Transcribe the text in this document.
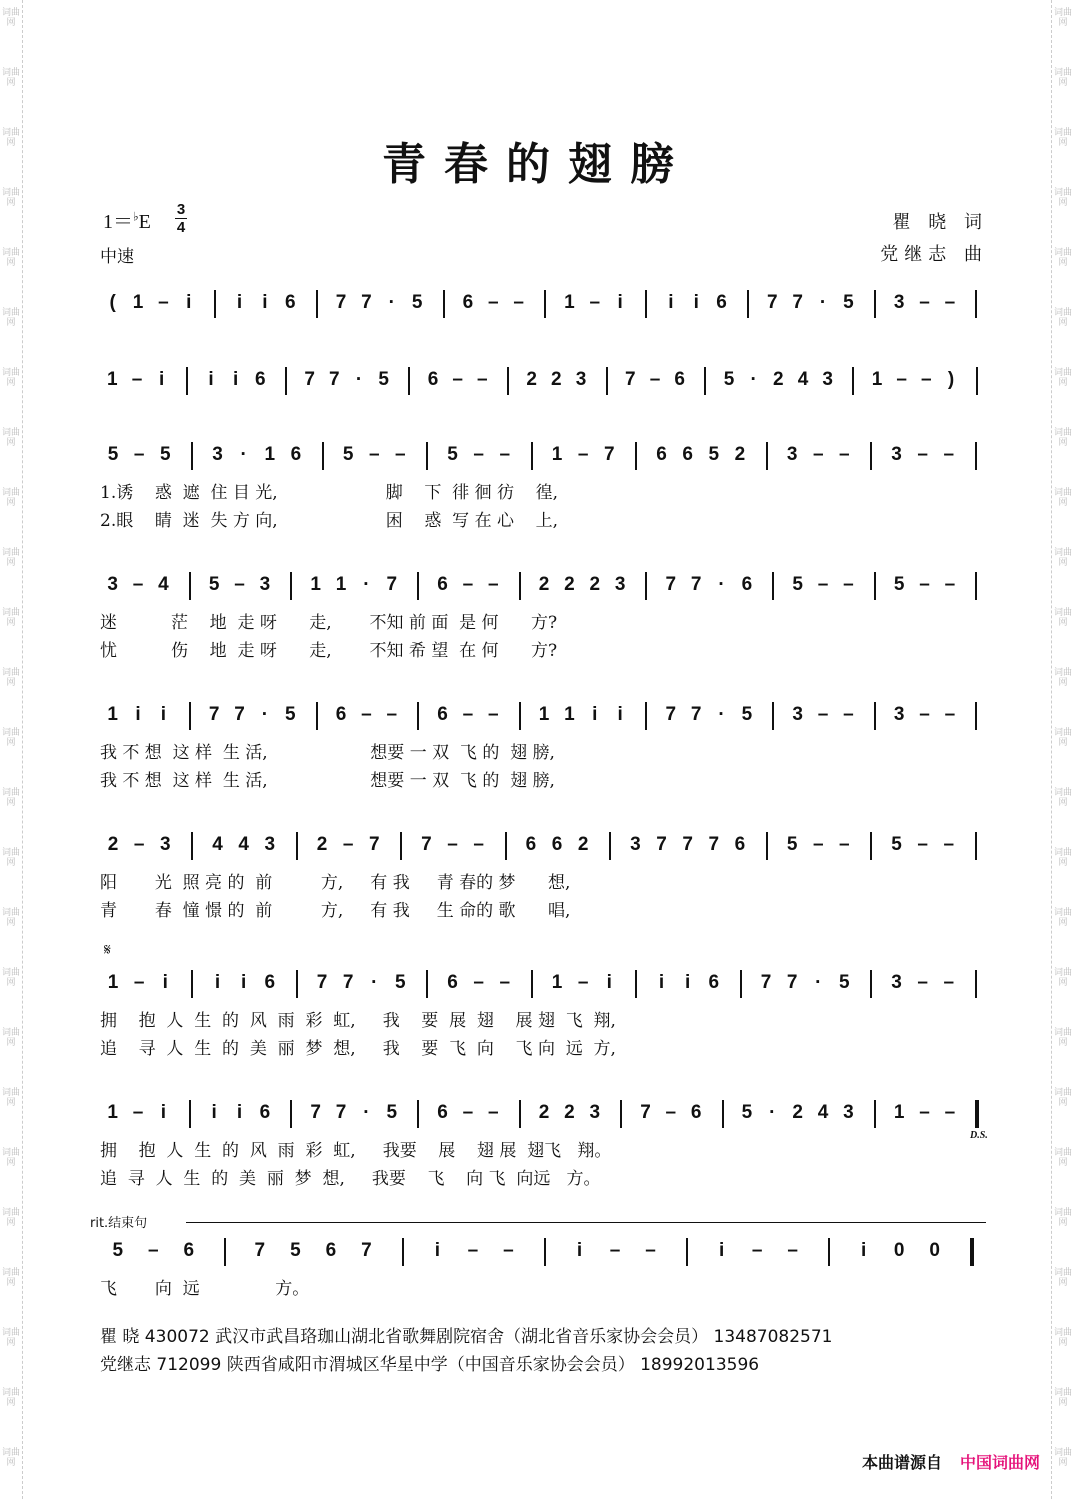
词曲网
词曲网
词曲网
词曲网
词曲网
词曲网
词曲网
词曲网
词曲网
词曲网
词曲网
词曲网
词曲网
词曲网
词曲网
词曲网
词曲网
词曲网
词曲网
词曲网
词曲网
词曲网
词曲网
词曲网
词曲网
词曲网
词曲网
词曲网
词曲网
词曲网
词曲网
词曲网
词曲网
词曲网
词曲网
词曲网
词曲网
词曲网
词曲网
词曲网
词曲网
词曲网
词曲网
词曲网
词曲网
词曲网
词曲网
词曲网
词曲网
词曲网
青春的翅膀
1＝♭E
3
4
中速
瞿 晓 词
党继志 曲
( 1 – i	i	i 6	7 7 · 5	6 – –	1 – i	i	i 6	7 7 · 5	3 – –
1 – i	i	i 6	7 7 · 5	6 – –	2 2 3	7 – 6	5 · 2 4 3	1 – – )
5 – 5	3 · 1 6	5 – –	5 – –	1 – 7	6 6 5 2	3 – –	3 – –
1.诱    惑  遮  住 目 光,                    脚    下  徘 徊 彷    徨,
2.眼    睛  迷  失 方 向,                    困    惑  写 在 心    上,
3 – 4	5 – 3	1 1 · 7	6 – –	2 2 2 3	7 7 · 6	5 – –	5 – –
迷          茫    地  走 呀      走,       不知 前 面  是 何      方?
忧          伤    地  走 呀      走,       不知 希 望  在 何      方?
1 i	i	7 7 · 5	6 – –	6 – –	1 1 i	i	7 7 · 5	3 – –	3 – –
我 不 想  这 样  生 活,                   想要 一 双  飞 的  翅 膀,
我 不 想  这 样  生 活,                   想要 一 双  飞 的  翅 膀,
2 – 3	4 4 3	2 – 7	7 – –	6 6 2	3 7 7 7 6	5 – –	5 – –
阳       光  照 亮 的  前         方,     有 我     青 春的 梦      想,
青       春  憧 憬 的  前         方,     有 我     生 命的 歌      唱,
1 – i	i	i 6	7 7 · 5	6 – –	1 – i	i	i 6	7 7 · 5	3 – –
拥    抱  人  生  的  风  雨  彩  虹,     我    要  展  翅    展 翅  飞  翔,
追    寻  人  生  的  美  丽  梦  想,     我    要  飞  向    飞 向  远  方,
1 – i	i	i 6	7 7 · 5	6 – –	2 2 3	7 – 6	5 · 2 4 3	1 – –
拥    抱  人  生  的  风  雨  彩  虹,     我要    展    翅 展  翅飞   翔。
追  寻  人  生  的  美  丽  梦  想,     我要    飞    向 飞  向远   方。
5	–	6	7	5	6	7	i	–	–	i	–	–	i	–	–	i	0	0
飞       向  远              方。
𝄋
D.S.
rit.结束句
瞿 晓 430072 武汉市武昌珞珈山湖北省歌舞剧院宿舍（湖北省音乐家协会会员） 13487082571
党继志 712099 陕西省咸阳市渭城区华星中学（中国音乐家协会会员） 18992013596
本曲谱源自 中国词曲网
